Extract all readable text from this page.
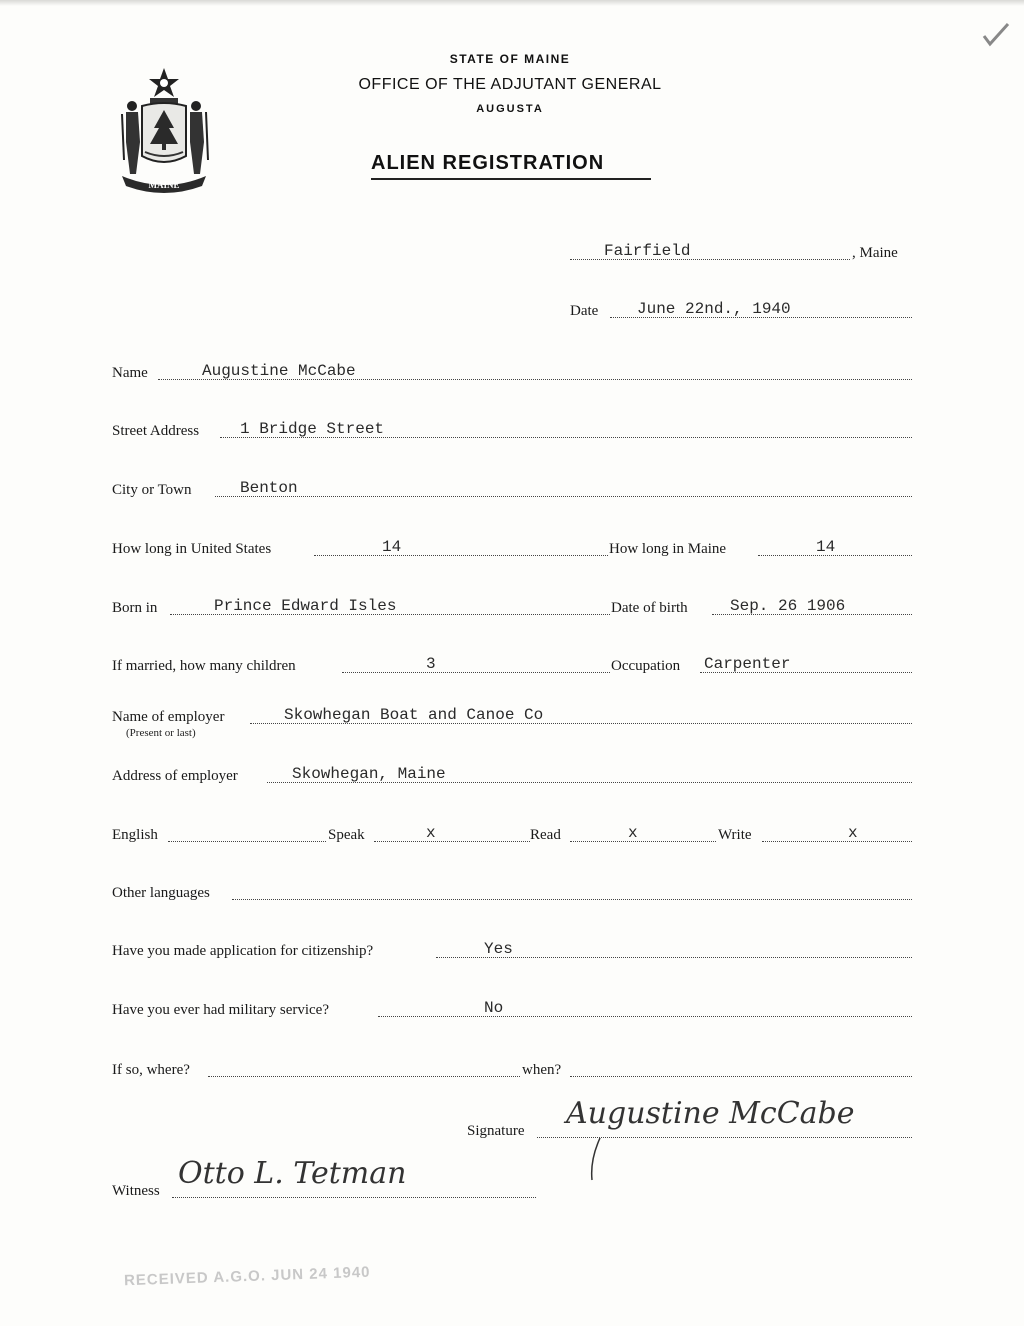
MAINE
STATE OF MAINE
OFFICE OF THE ADJUTANT GENERAL
AUGUSTA
ALIEN REGISTRATION
Fairfield	, Maine
Date June 22nd., 1940
Name	Augustine McCabe
Street Address	1 Bridge Street
City or Town	Benton
How long in United States	14	How long in Maine	14
Born in	Prince Edward Isles	Date of birth	Sep. 26 1906
If married, how many children	3	Occupation Carpenter
Name of employer	Skowhegan Boat and Canoe Co
(Present or last)
Address of employer	Skowhegan, Maine
English	Speak	x	Read	x	Write	x
Other languages
Have you made application for citizenship?	Yes
Have you ever had military service?	No
If so, where?	when?
Signature Augustine McCabe
Witness Otto L. Tetman
RECEIVED A.G.O. JUN 24 1940
